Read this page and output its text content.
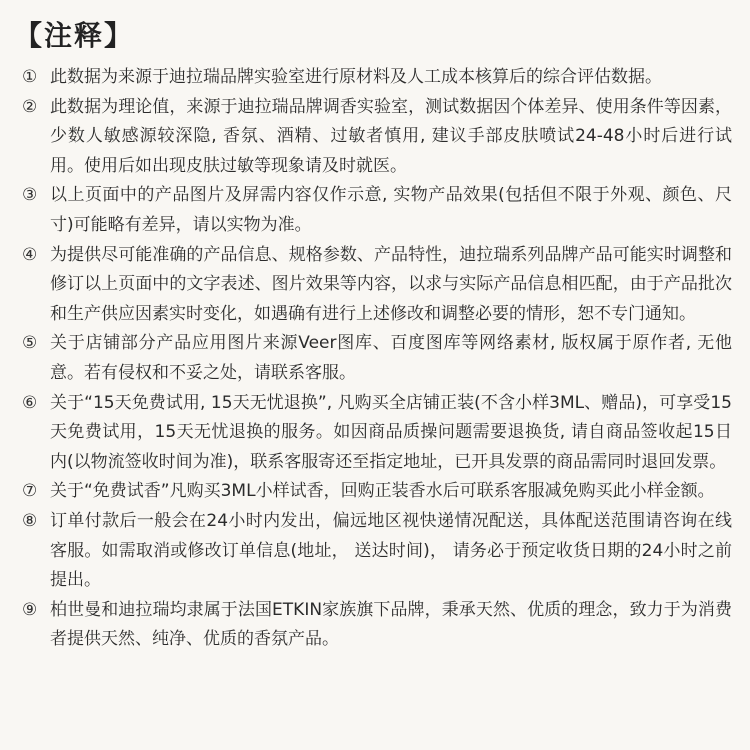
【注释】
① 此数据为来源于迪拉瑞品牌实验室进行原材料及人工成本核算后的综合评估数据。
② 此数据为理论值，来源于迪拉瑞品牌调香实验室，测试数据因个体差异、使用条件等因素，少数人敏感源较深隐, 香氛、酒精、过敏者慎用, 建议手部皮肤喷试24-48小时后进行试用。使用后如出现皮肤过敏等现象请及时就医。
③ 以上页面中的产品图片及屏需内容仅作示意, 实物产品效果(包括但不限于外观、颜色、尺寸)可能略有差异，请以实物为准。
④ 为提供尽可能准确的产品信息、规格参数、产品特性，迪拉瑞系列品牌产品可能实时调整和修订以上页面中的文字表述、图片效果等内容，以求与实际产品信息相匹配，由于产品批次和生产供应因素实时变化，如遇确有进行上述修改和调整必要的情形，恕不专门通知。
⑤ 关于店铺部分产品应用图片来源Veer图库、百度图库等网络素材, 版权属于原作者, 无他意。若有侵权和不妥之处，请联系客服。
⑥ 关于“15天免费试用, 15天无忧退换”, 凡购买全店铺正装(不含小样3ML、赠品)，可享受15天免费试用，15天无忧退换的服务。如因商品质操问题需要退换货, 请自商品签收起15日内(以物流签收时间为准)，联系客服寄还至指定地址，已开具发票的商品需同时退回发票。
⑦ 关于“免费试香”凡购买3ML小样试香，回购正装香水后可联系客服减免购买此小样金额。
⑧ 订单付款后一般会在24小时内发出，偏远地区视快递情况配送，具体配送范围请咨询在线客服。如需取消或修改订单信息(地址， 送达时间)， 请务必于预定收货日期的24小时之前提出。
⑨ 柏世曼和迪拉瑞均隶属于法国ETKIN家族旗下品牌，秉承天然、优质的理念，致力于为消费者提供天然、纯净、优质的香氛产品。
